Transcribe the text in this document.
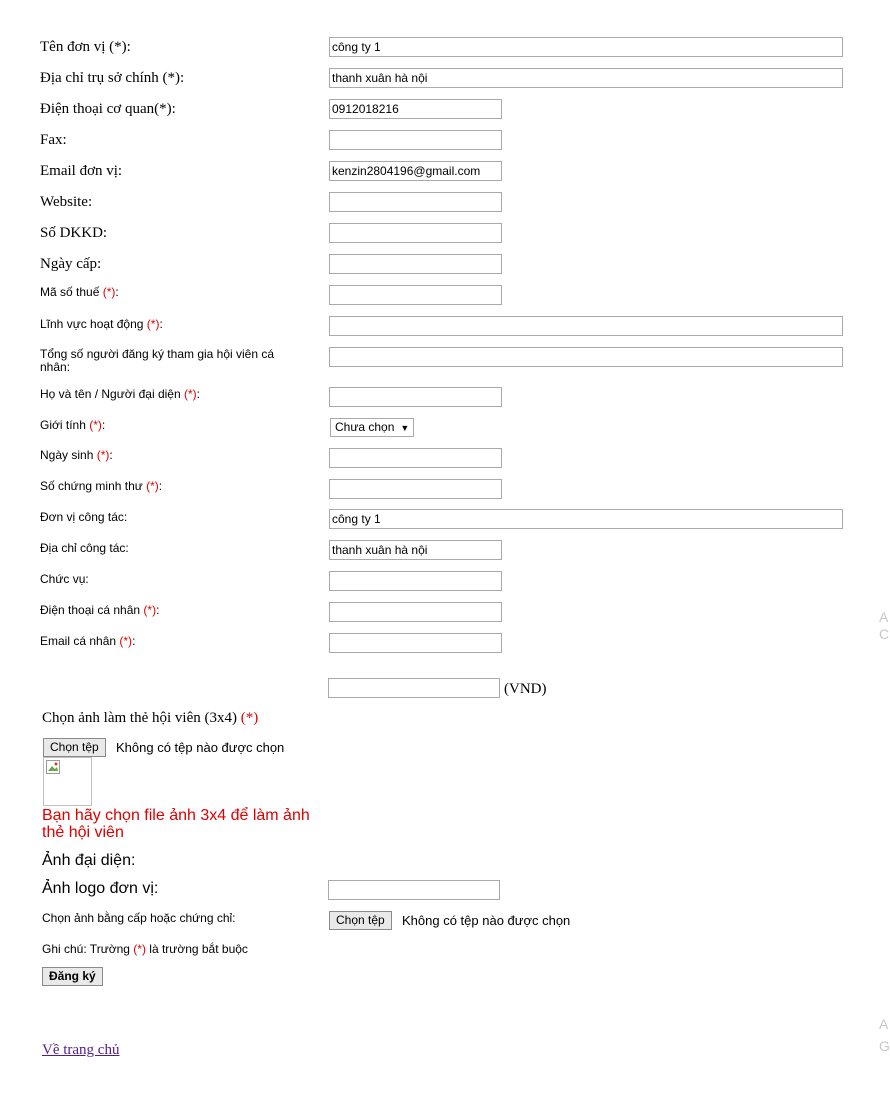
Tên đơn vị (*):	công ty 1
Địa chỉ trụ sở chính (*):	thanh xuân hà nội
Điện thoại cơ quan(*):	0912018216
Fax:
Email đơn vị:	kenzin2804196@gmail.com
Website:
Số DKKD:
Ngày cấp:
Mã số thuế (*):
Lĩnh vực hoạt động (*):
Tổng số người đăng ký tham gia hội viên cá nhân:
Họ và tên / Người đại diện (*):
Giới tính (*):	Chưa chọn ▼
Ngày sinh (*):
Số chứng minh thư (*):
Đơn vị công tác:	công ty 1
Địa chỉ công tác:	thanh xuân hà nội
Chức vụ:
Điện thoại cá nhân (*):
Email cá nhân (*):
(VND)
Chọn ảnh làm thẻ hội viên (3x4) (*)
Chọn tệp	Không có tệp nào được chọn
Bạn hãy chọn file ảnh 3x4 để làm ảnh thẻ hội viên
Ảnh đại diện:
Ảnh logo đơn vị:
Chọn ảnh bằng cấp hoặc chứng chỉ:	Chọn tệp	Không có tệp nào được chọn
Ghi chú: Trường (*) là trường bắt buộc
Đăng ký
Về trang chủ
A
C
A
G
